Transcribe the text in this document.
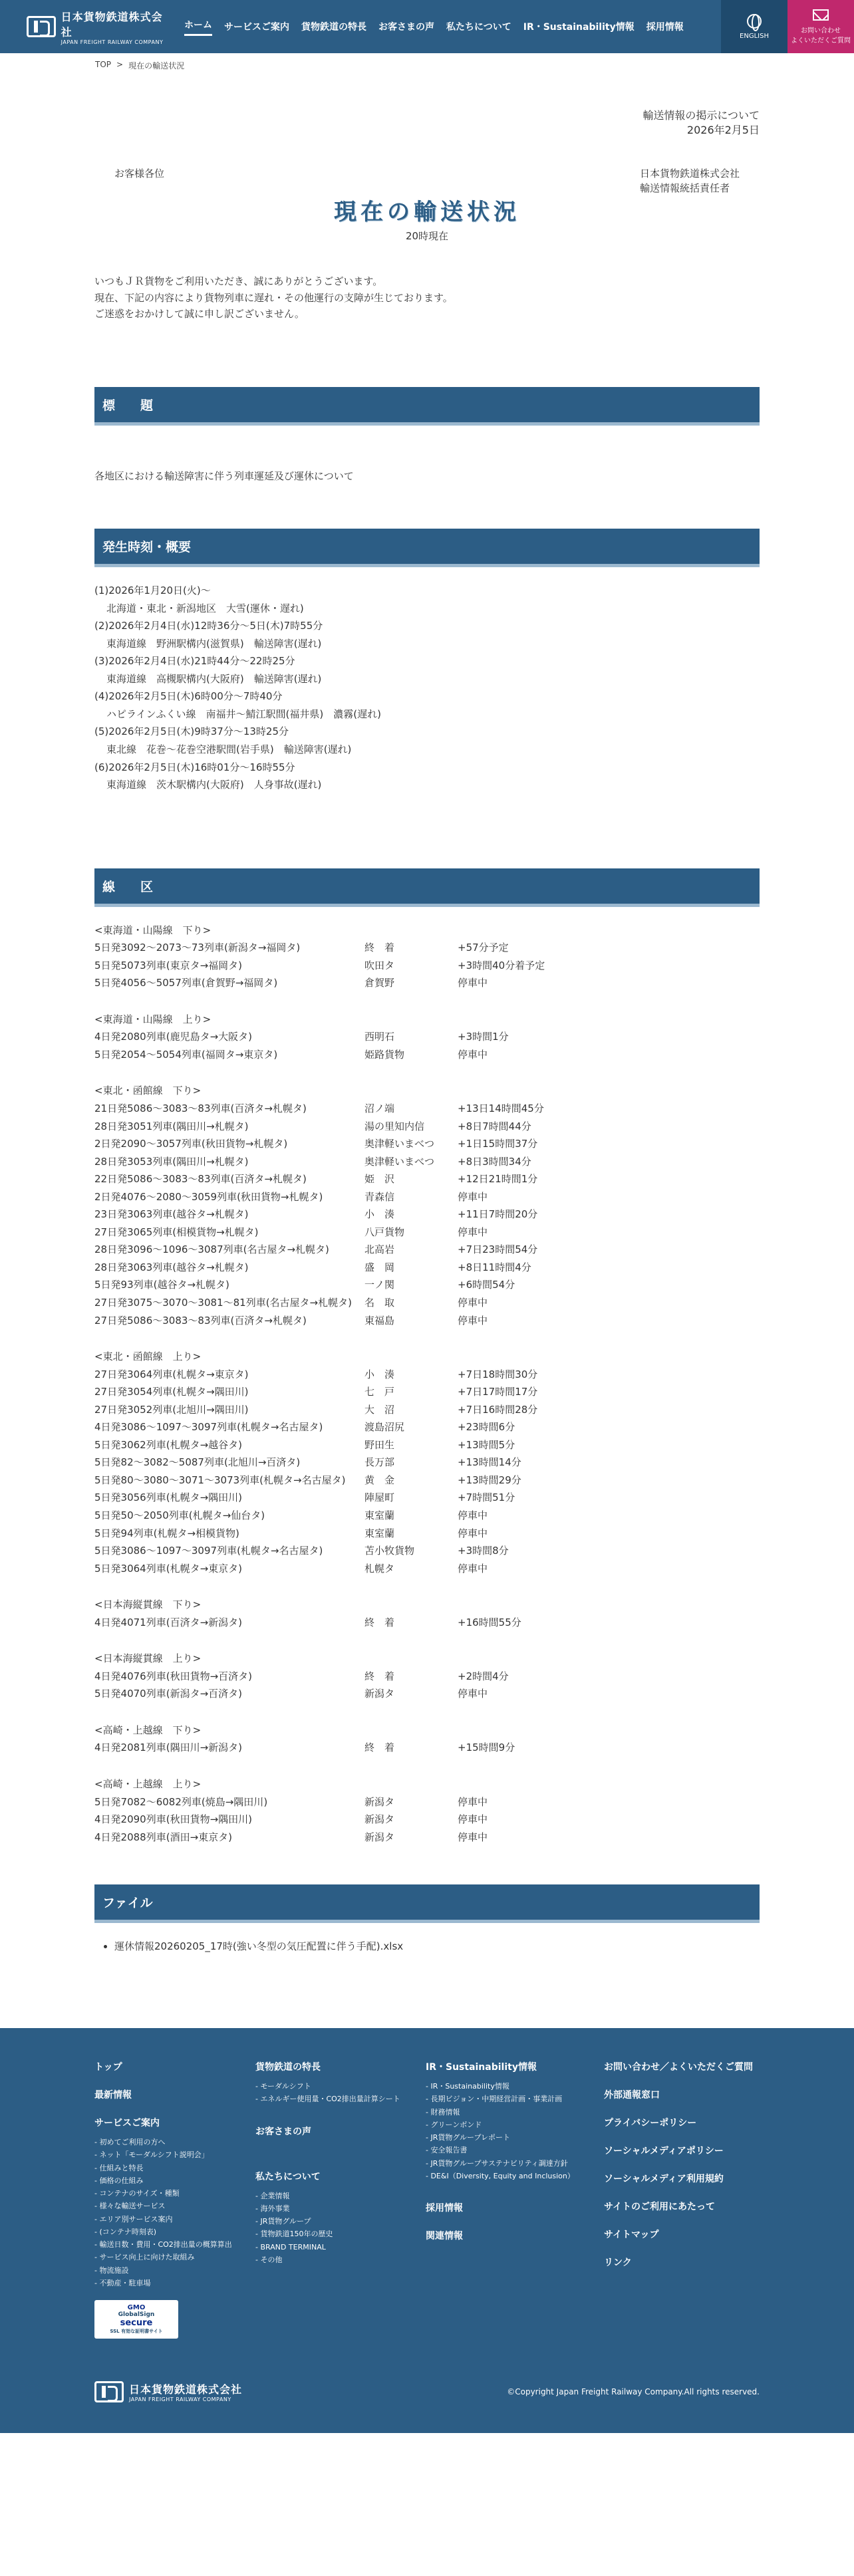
日本貨物鉄道株式会社
JAPAN FREIGHT RAILWAY COMPANY
ホーム サービスご案内 貨物鉄道の特長 お客さまの声 私たちについて IR・Sustainability情報 採用情報
ENGLISH
お問い合わせ
よくいただくご質問
TOP > 現在の輸送状況
輸送情報の掲示について
2026年2月5日
お客様各位	日本貨物鉄道株式会社
輸送情報統括責任者
現在の輸送状況
20時現在
いつもＪＲ貨物をご利用いただき、誠にありがとうございます。
現在、下記の内容により貨物列車に遅れ・その他運行の支障が生じております。
ご迷惑をおかけして誠に申し訳ございません。
標　　題
各地区における輸送障害に伴う列車運延及び運休について
発生時刻・概要
(1)2026年1月20日(火)～
北海道・東北・新潟地区　大雪(運休・遅れ)
(2)2026年2月4日(水)12時36分～5日(木)7時55分
東海道線　野洲駅構内(滋賀県)　輸送障害(遅れ)
(3)2026年2月4日(水)21時44分～22時25分
東海道線　高槻駅構内(大阪府)　輸送障害(遅れ)
(4)2026年2月5日(木)6時00分～7時40分
ハピラインふくい線　南福井～鯖江駅間(福井県)　濃霧(遅れ)
(5)2026年2月5日(木)9時37分～13時25分
東北線　花巻～花巻空港駅間(岩手県)　輸送障害(遅れ)
(6)2026年2月5日(木)16時01分～16時55分
東海道線　茨木駅構内(大阪府)　人身事故(遅れ)
線　　区
<東海道・山陽線　下り>
5日発3092～2073～73列車(新潟タ→福岡タ)	終　着	+57分予定
5日発5073列車(東京タ→福岡タ)	吹田タ	+3時間40分着予定
5日発4056～5057列車(倉賀野→福岡タ)	倉賀野	停車中
<東海道・山陽線　上り>
4日発2080列車(鹿児島タ→大阪タ)	西明石	+3時間1分
5日発2054～5054列車(福岡タ→東京タ)	姫路貨物	停車中
<東北・函館線　下り>
21日発5086～3083～83列車(百済タ→札幌タ)	沼ノ端	+13日14時間45分
28日発3051列車(隅田川→札幌タ)	湯の里知内信	+8日7時間44分
2日発2090～3057列車(秋田貨物→札幌タ)	奥津軽いまべつ	+1日15時間37分
28日発3053列車(隅田川→札幌タ)	奥津軽いまべつ	+8日3時間34分
22日発5086～3083～83列車(百済タ→札幌タ)	姫　沢	+12日21時間1分
2日発4076～2080～3059列車(秋田貨物→札幌タ)	青森信	停車中
23日発3063列車(越谷タ→札幌タ)	小　湊	+11日7時間20分
27日発3065列車(相模貨物→札幌タ)	八戸貨物	停車中
28日発3096～1096～3087列車(名古屋タ→札幌タ)	北高岩	+7日23時間54分
28日発3063列車(越谷タ→札幌タ)	盛　岡	+8日11時間4分
5日発93列車(越谷タ→札幌タ)	一ノ関	+6時間54分
27日発3075～3070～3081～81列車(名古屋タ→札幌タ)	名　取	停車中
27日発5086～3083～83列車(百済タ→札幌タ)	東福島	停車中
<東北・函館線　上り>
27日発3064列車(札幌タ→東京タ)	小　湊	+7日18時間30分
27日発3054列車(札幌タ→隅田川)	七　戸	+7日17時間17分
27日発3052列車(北旭川→隅田川)	大　沼	+7日16時間28分
4日発3086～1097～3097列車(札幌タ→名古屋タ)	渡島沼尻	+23時間6分
5日発3062列車(札幌タ→越谷タ)	野田生	+13時間5分
5日発82～3082～5087列車(北旭川→百済タ)	長万部	+13時間14分
5日発80～3080～3071～3073列車(札幌タ→名古屋タ)	黄　金	+13時間29分
5日発3056列車(札幌タ→隅田川)	陣屋町	+7時間51分
5日発50～2050列車(札幌タ→仙台タ)	東室蘭	停車中
5日発94列車(札幌タ→相模貨物)	東室蘭	停車中
5日発3086～1097～3097列車(札幌タ→名古屋タ)	苫小牧貨物	+3時間8分
5日発3064列車(札幌タ→東京タ)	札幌タ	停車中
<日本海縦貫線　下り>
4日発4071列車(百済タ→新潟タ)	終　着	+16時間55分
<日本海縦貫線　上り>
4日発4076列車(秋田貨物→百済タ)	終　着	+2時間4分
5日発4070列車(新潟タ→百済タ)	新潟タ	停車中
<高崎・上越線　下り>
4日発2081列車(隅田川→新潟タ)	終　着	+15時間9分
<高崎・上越線　上り>
5日発7082～6082列車(焼島→隅田川)	新潟タ	停車中
4日発2090列車(秋田貨物→隅田川)	新潟タ	停車中
4日発2088列車(酒田→東京タ)	新潟タ	停車中
ファイル
• 運休情報20260205_17時(強い冬型の気圧配置に伴う手配).xlsx
トップ
最新情報
サービスご案内
- 初めてご利用の方へ
- ネット「モーダルシフト説明会」
- 仕組みと特長
- 価格の仕組み
- コンテナのサイズ・種類
- 様々な輸送サービス
- エリア別サービス案内
- (コンテナ時刻表)
- 輸送日数・費用・CO2排出量の概算算出
- サービス向上に向けた取組み
- 物流施設
- 不動産・駐車場
GMO
GlobalSign
secure
SSL 有効な証明書サイト
貨物鉄道の特長
- モーダルシフト
- エネルギー使用量・CO2排出量計算シート
お客さまの声
私たちについて
- 企業情報
- 海外事業
- JR貨物グループ
- 貨物鉄道150年の歴史
- BRAND TERMINAL
- その他
IR・Sustainability情報
- IR・Sustainability情報
- 長期ビジョン・中期経営計画・事業計画
- 財務情報
- グリーンボンド
- JR貨物グループレポート
- 安全報告書
- JR貨物グループサステナビリティ調達方針
- DE&I（Diversity, Equity and Inclusion）
採用情報
関連情報
お問い合わせ／よくいただくご質問
外部通報窓口
プライバシーポリシー
ソーシャルメディアポリシー
ソーシャルメディア利用規約
サイトのご利用にあたって
サイトマップ
リンク
日本貨物鉄道株式会社
JAPAN FREIGHT RAILWAY COMPANY
©Copyright Japan Freight Railway Company.All rights reserved.
